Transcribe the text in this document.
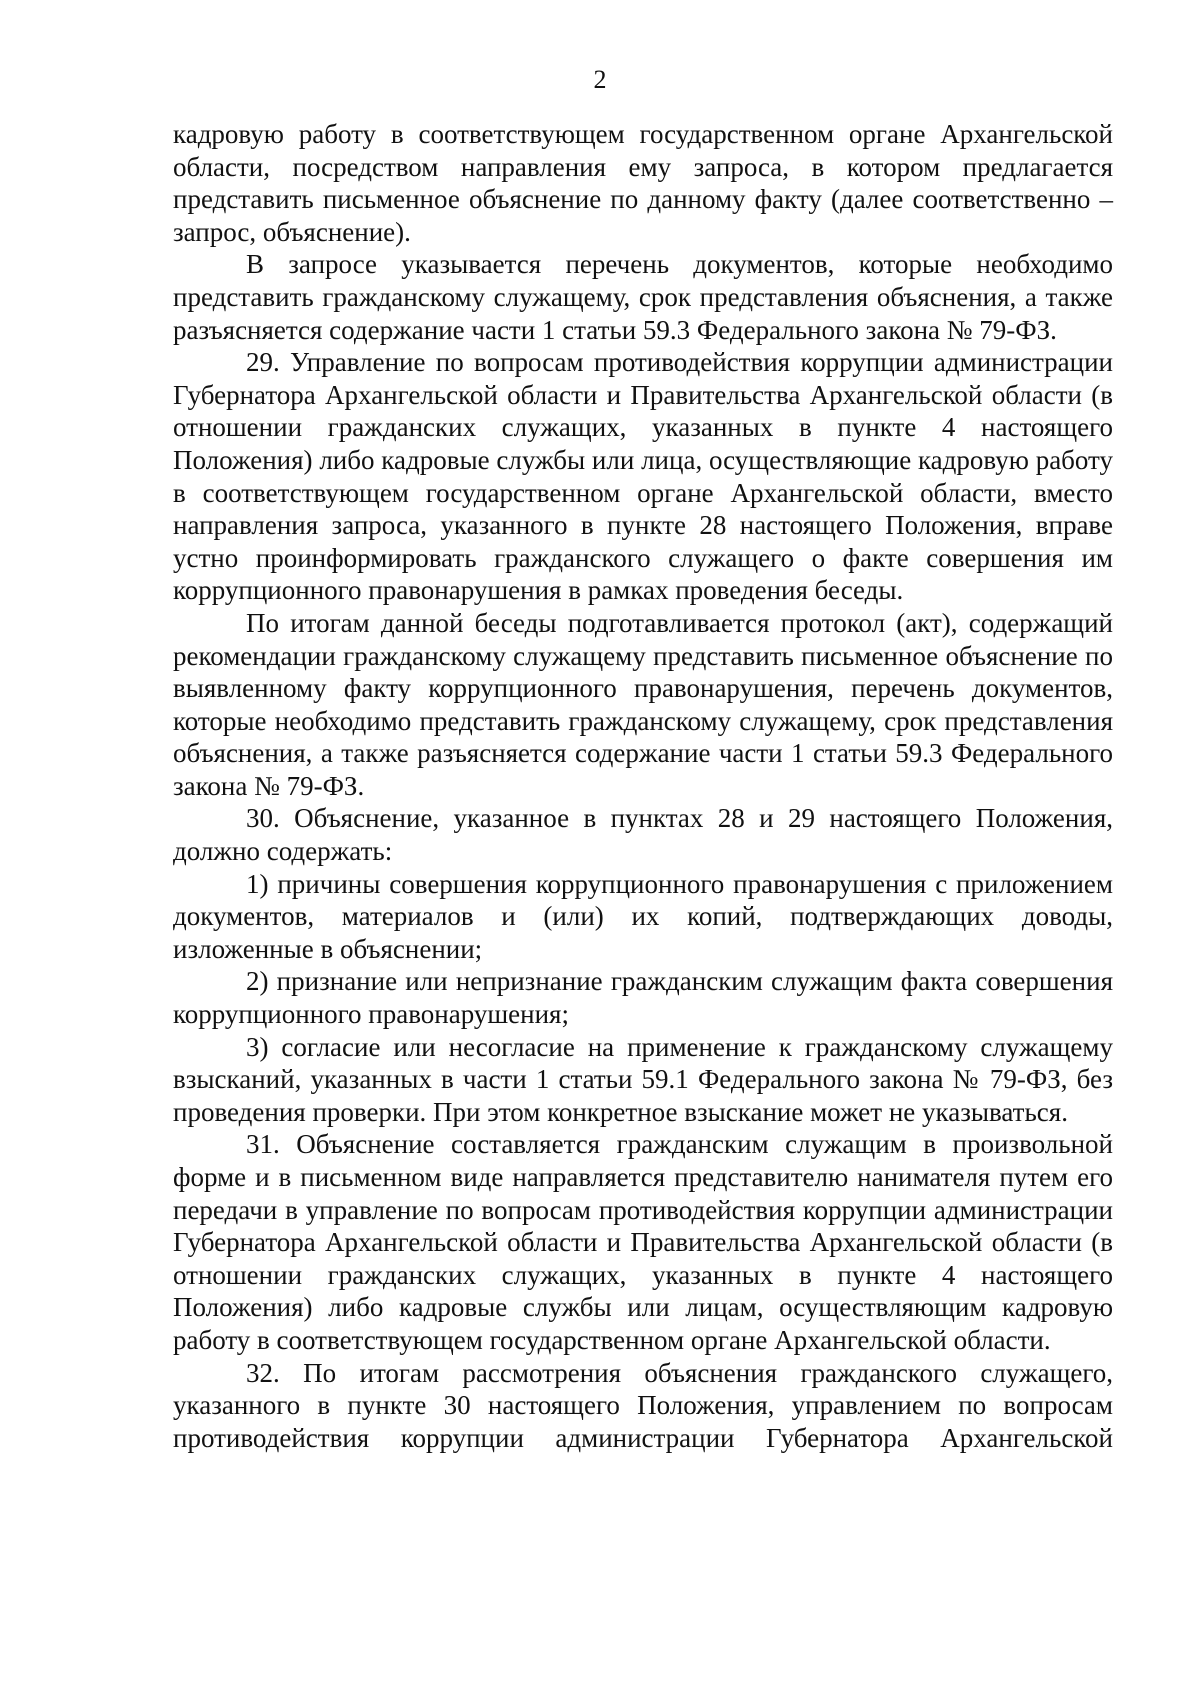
2

кадровую работу в соответствующем государственном органе Архангельской области, посредством направления ему запроса, в котором предлагается представить письменное объяснение по данному факту (далее соответственно – запрос, объяснение).

В запросе указывается перечень документов, которые необходимо представить гражданскому служащему, срок представления объяснения, а также разъясняется содержание части 1 статьи 59.3 Федерального закона № 79-ФЗ.

29. Управление по вопросам противодействия коррупции администрации Губернатора Архангельской области и Правительства Архангельской области (в отношении гражданских служащих, указанных в пункте 4 настоящего Положения) либо кадровые службы или лица, осуществляющие кадровую работу в соответствующем государственном органе Архангельской области, вместо направления запроса, указанного в пункте 28 настоящего Положения, вправе устно проинформировать гражданского служащего о факте совершения им коррупционного правонарушения в рамках проведения беседы.

По итогам данной беседы подготавливается протокол (акт), содержащий рекомендации гражданскому служащему представить письменное объяснение по выявленному факту коррупционного правонарушения, перечень документов, которые необходимо представить гражданскому служащему, срок представления объяснения, а также разъясняется содержание части 1 статьи 59.3 Федерального закона № 79-ФЗ.

30. Объяснение, указанное в пунктах 28 и 29 настоящего Положения, должно содержать:

1) причины совершения коррупционного правонарушения с приложением документов, материалов и (или) их копий, подтверждающих доводы, изложенные в объяснении;

2) признание или непризнание гражданским служащим факта совершения коррупционного правонарушения;

3) согласие или несогласие на применение к гражданскому служащему взысканий, указанных в части 1 статьи 59.1 Федерального закона № 79-ФЗ, без проведения проверки. При этом конкретное взыскание может не указываться.

31. Объяснение составляется гражданским служащим в произвольной форме и в письменном виде направляется представителю нанимателя путем его передачи в управление по вопросам противодействия коррупции администрации Губернатора Архангельской области и Правительства Архангельской области (в отношении гражданских служащих, указанных в пункте 4 настоящего Положения) либо кадровые службы или лицам, осуществляющим кадровую работу в соответствующем государственном органе Архангельской области.

32. По итогам рассмотрения объяснения гражданского служащего, указанного в пункте 30 настоящего Положения, управлением по вопросам противодействия коррупции администрации Губернатора Архангельской
